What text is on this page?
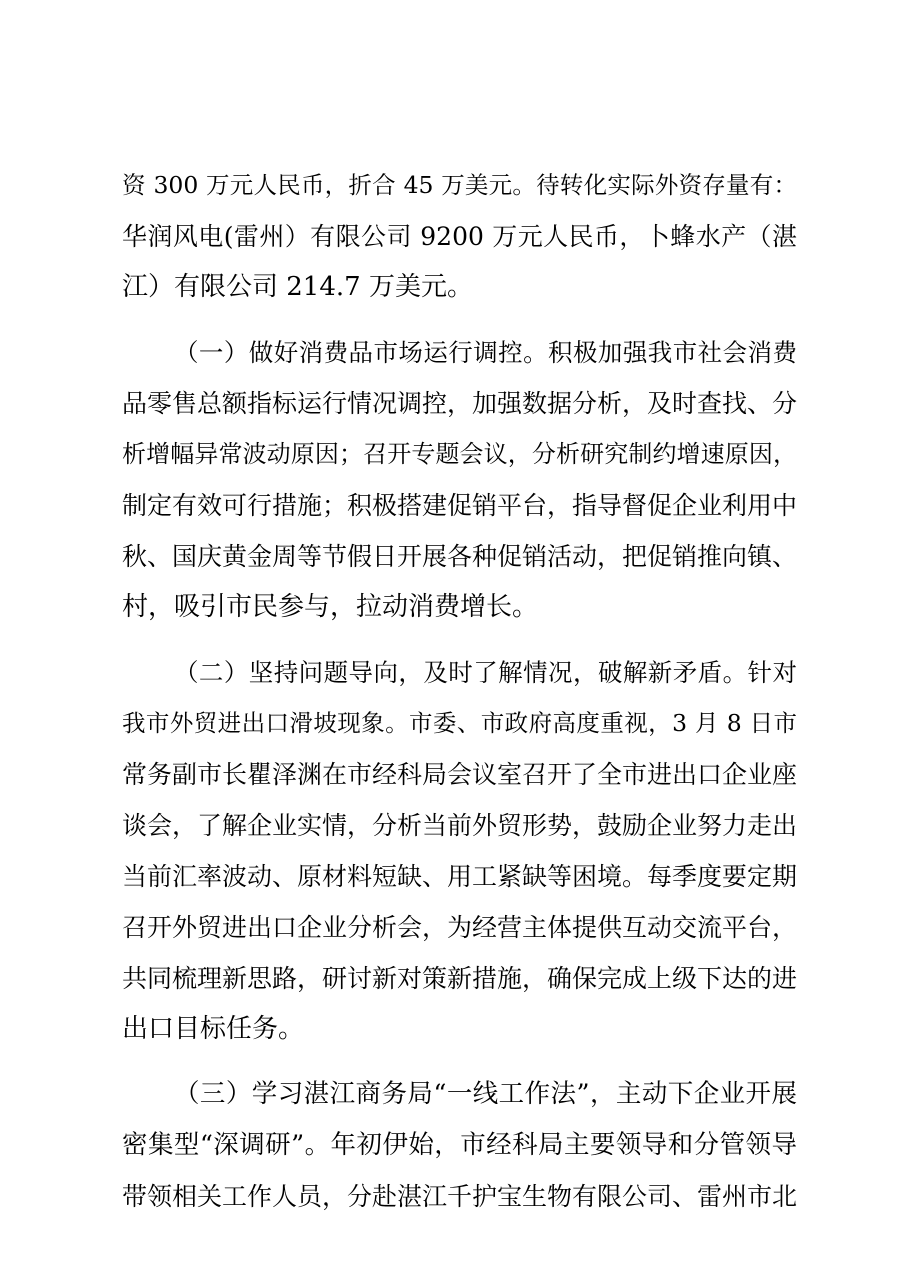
资 300 万元人民币，折合 45 万美元。待转化实际外资存量有：
华润风电(雷州）有限公司 9200 万元人民币，卜蜂水产（湛
江）有限公司 214.7 万美元。
（一）做好消费品市场运行调控。积极加强我市社会消费
品零售总额指标运行情况调控，加强数据分析，及时查找、分
析增幅异常波动原因；召开专题会议，分析研究制约增速原因，
制定有效可行措施；积极搭建促销平台，指导督促企业利用中
秋、国庆黄金周等节假日开展各种促销活动，把促销推向镇、
村，吸引市民参与，拉动消费增长。
（二）坚持问题导向，及时了解情况，破解新矛盾。针对
我市外贸进出口滑坡现象。市委、市政府高度重视，3 月 8 日市
常务副市长瞿泽渊在市经科局会议室召开了全市进出口企业座
谈会，了解企业实情，分析当前外贸形势，鼓励企业努力走出
当前汇率波动、原材料短缺、用工紧缺等困境。每季度要定期
召开外贸进出口企业分析会，为经营主体提供互动交流平台，
共同梳理新思路，研讨新对策新措施，确保完成上级下达的进
出口目标任务。
（三）学习湛江商务局“一线工作法”，主动下企业开展
密集型“深调研”。年初伊始，市经科局主要领导和分管领导
带领相关工作人员，分赴湛江千护宝生物有限公司、雷州市北
